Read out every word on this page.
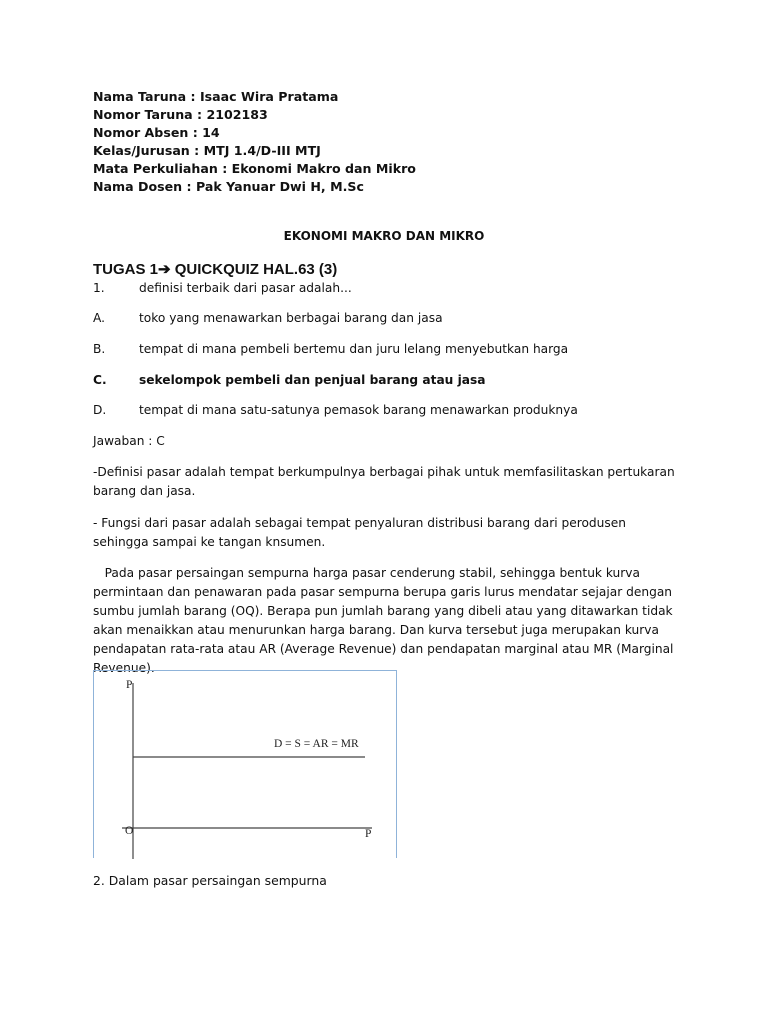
Nama Taruna : Isaac Wira Pratama
Nomor Taruna : 2102183
Nomor Absen : 14
Kelas/Jurusan : MTJ 1.4/D-III MTJ
Mata Perkuliahan : Ekonomi Makro dan Mikro
Nama Dosen : Pak Yanuar Dwi H, M.Sc
EKONOMI MAKRO DAN MIKRO
TUGAS 1➔ QUICKQUIZ HAL.63 (3)
1.	definisi terbaik dari pasar adalah...
A.	toko yang menawarkan berbagai barang dan jasa
B.	tempat di mana pembeli bertemu dan juru lelang menyebutkan harga
C.	sekelompok pembeli dan penjual barang atau jasa
D.	tempat di mana satu-satunya pemasok barang menawarkan produknya
Jawaban : C
-Definisi pasar adalah tempat berkumpulnya berbagai pihak untuk memfasilitaskan pertukaran barang dan jasa.
- Fungsi dari pasar adalah sebagai tempat penyaluran distribusi barang dari perodusen sehingga sampai ke tangan knsumen.
Pada pasar persaingan sempurna harga pasar cenderung stabil, sehingga bentuk kurva permintaan dan penawaran pada pasar sempurna berupa garis lurus mendatar sejajar dengan sumbu jumlah barang (OQ). Berapa pun jumlah barang yang dibeli atau yang ditawarkan tidak akan menaikkan atau menurunkan harga barang. Dan kurva tersebut juga merupakan kurva pendapatan rata-rata atau AR (Average Revenue) dan pendapatan marginal atau MR (Marginal Revenue).
P
P
O
D = S = AR = MR
2. Dalam pasar persaingan sempurna
